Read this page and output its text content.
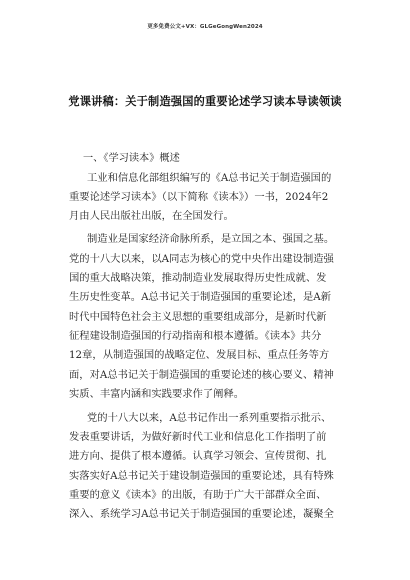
更多免费公文+VX：GLGeGongWen2024
党课讲稿：关于制造强国的重要论述学习读本导读领读
一、《学习读本》概述
工业和信息化部组织编写的《A总书记关于制造强国的
重要论述学习读本》（以下简称《读本》）一书，2024年2
月由人民出版社出版，在全国发行。
制造业是国家经济命脉所系，是立国之本、强国之基。
党的十八大以来，以A同志为核心的党中央作出建设制造强
国的重大战略决策，推动制造业发展取得历史性成就、发
生历史性变革。A总书记关于制造强国的重要论述，是A新
时代中国特色社会主义思想的重要组成部分，是新时代新
征程建设制造强国的行动指南和根本遵循。《读本》共分
12章，从制造强国的战略定位、发展目标、重点任务等方
面，对A总书记关于制造强国的重要论述的核心要义、精神
实质、丰富内涵和实践要求作了阐释。
党的十八大以来，A总书记作出一系列重要指示批示、
发表重要讲话，为做好新时代工业和信息化工作指明了前
进方向、提供了根本遵循。认真学习领会、宣传贯彻、扎
实落实好A总书记关于建设制造强国的重要论述，具有特殊
重要的意义《读本》的出版，有助于广大干部群众全面、
深入、系统学习A总书记关于制造强国的重要论述，凝聚全
